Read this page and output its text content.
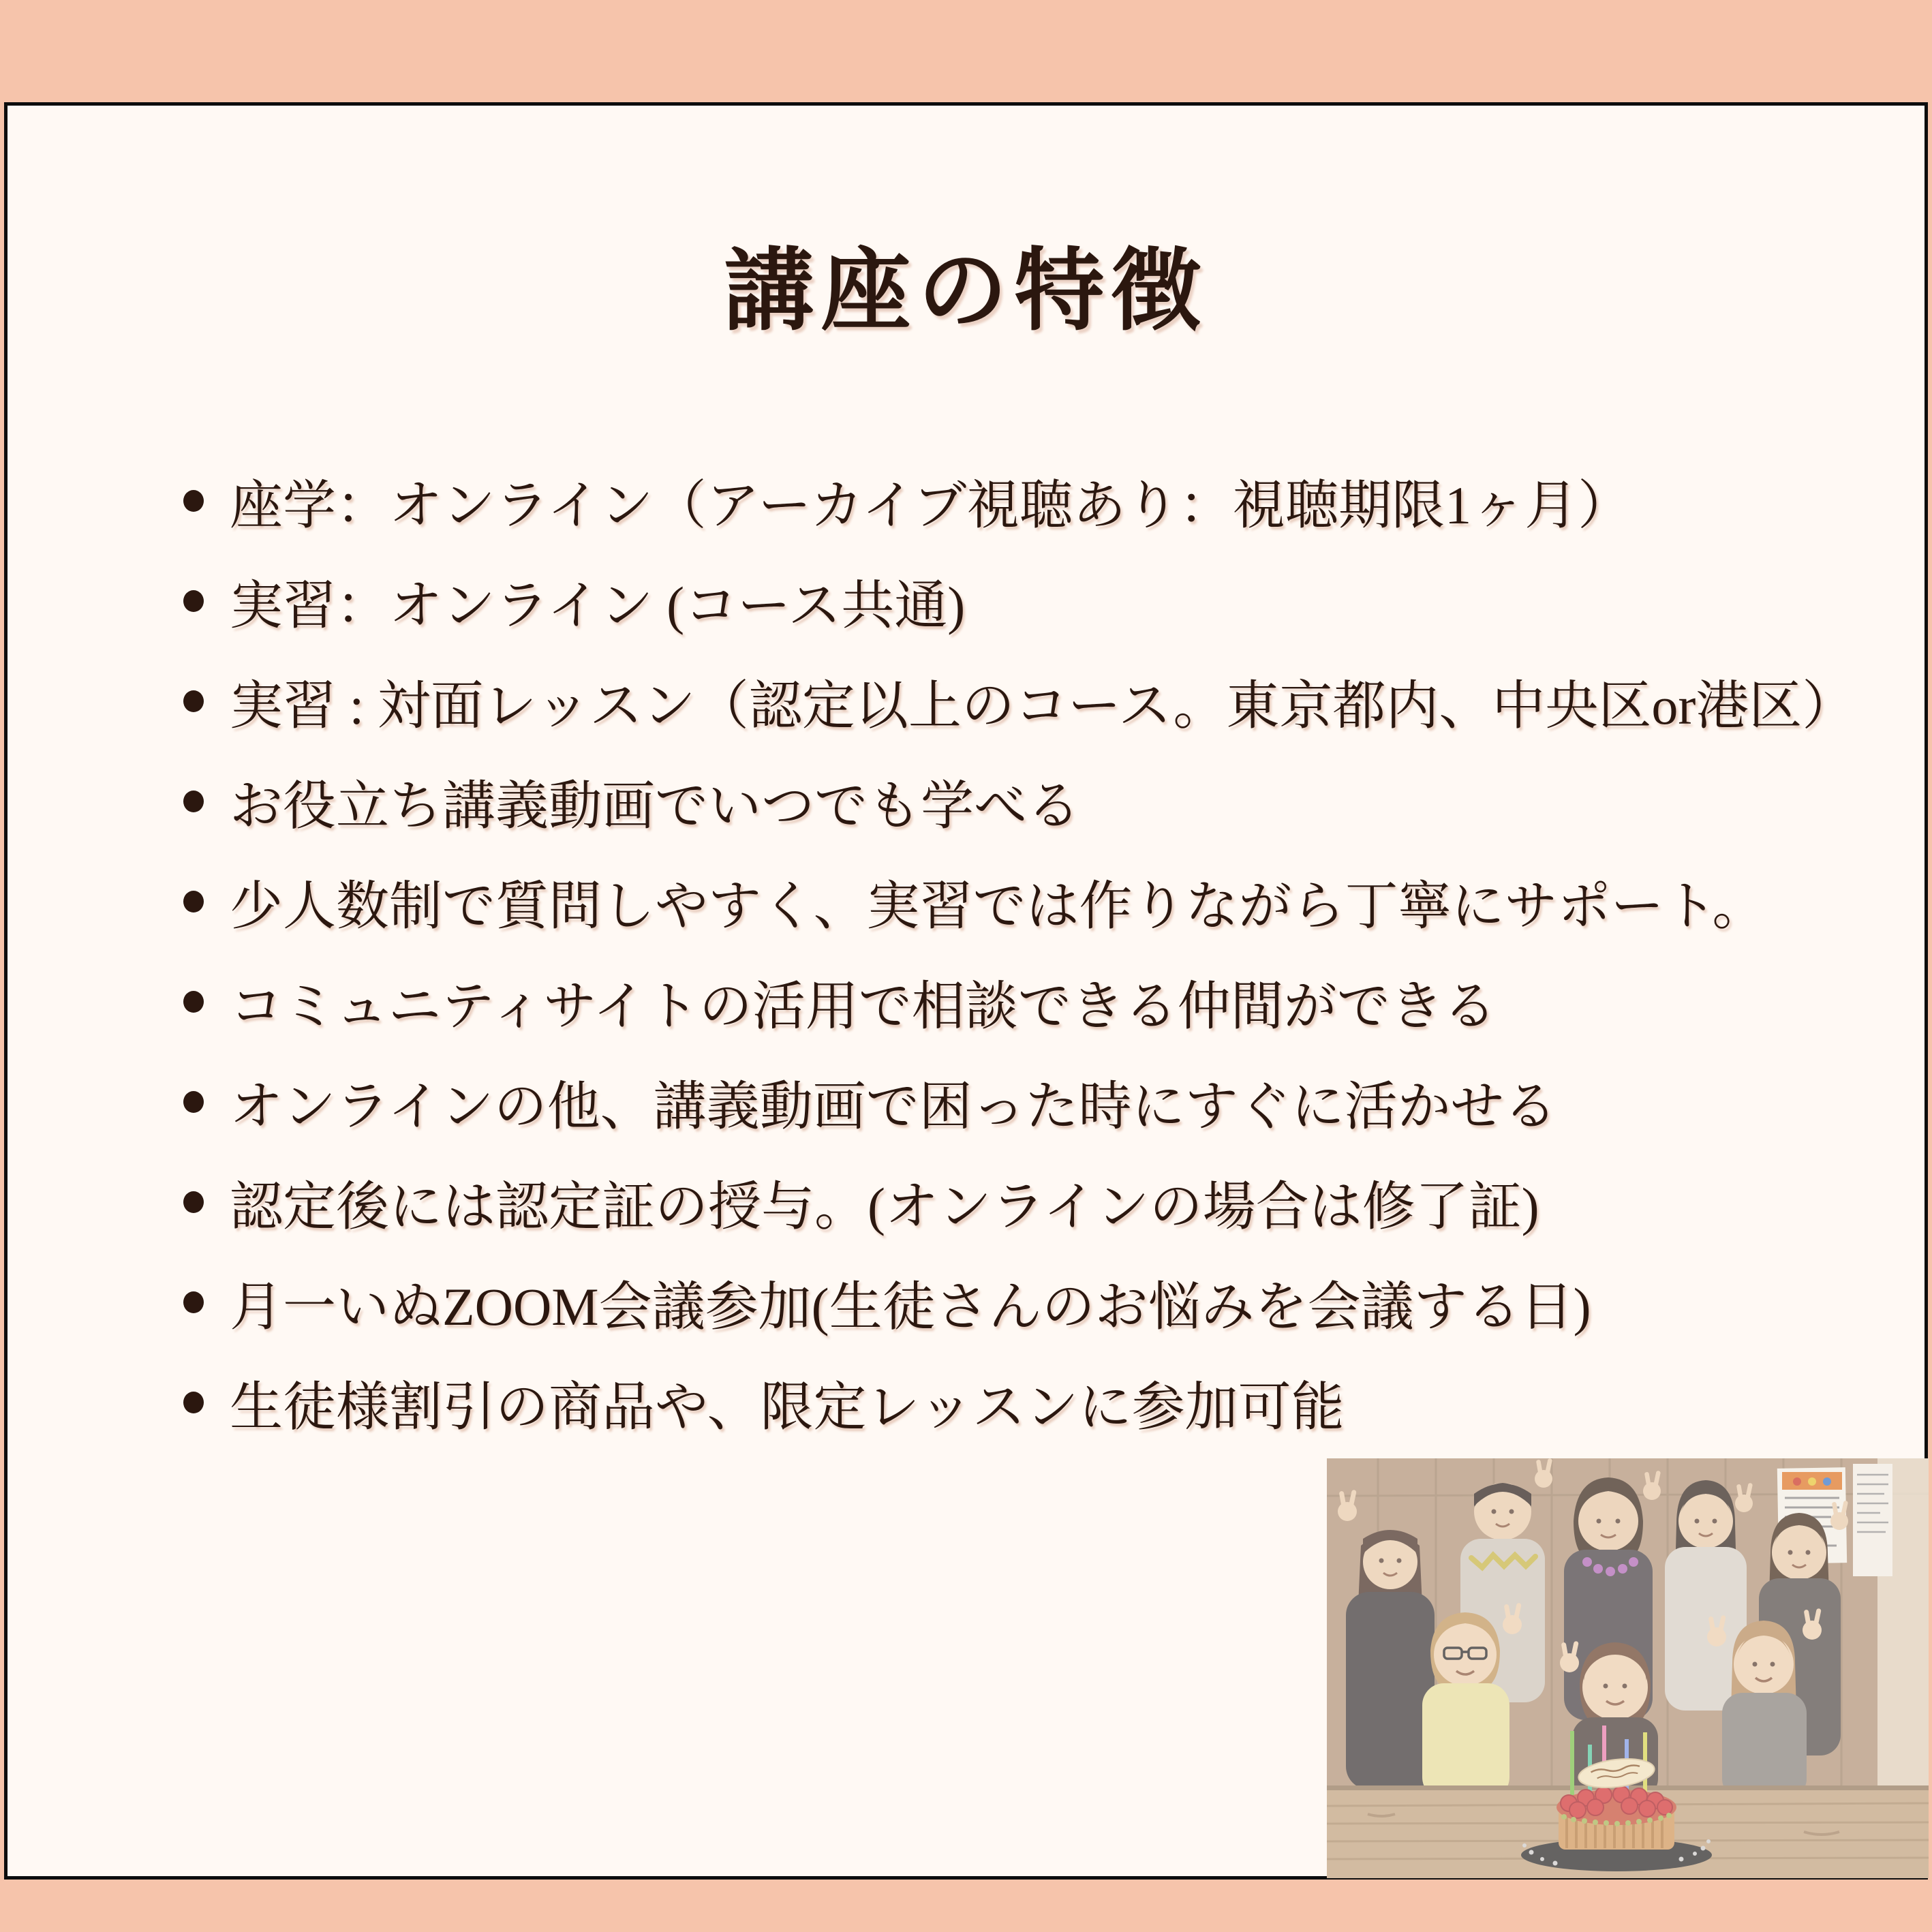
講座の特徴
座学：オンライン（アーカイブ視聴あり：視聴期限1ヶ月）
実習：オンライン (コース共通)
実習 : 対面レッスン（認定以上のコース。東京都内、中央区or港区）
お役立ち講義動画でいつでも学べる
少人数制で質問しやすく、実習では作りながら丁寧にサポート。
コミュニティサイトの活用で相談できる仲間ができる
オンラインの他、講義動画で困った時にすぐに活かせる
認定後には認定証の授与。(オンラインの場合は修了証)
月一いぬZOOM会議参加(生徒さんのお悩みを会議する日)
生徒様割引の商品や、限定レッスンに参加可能
